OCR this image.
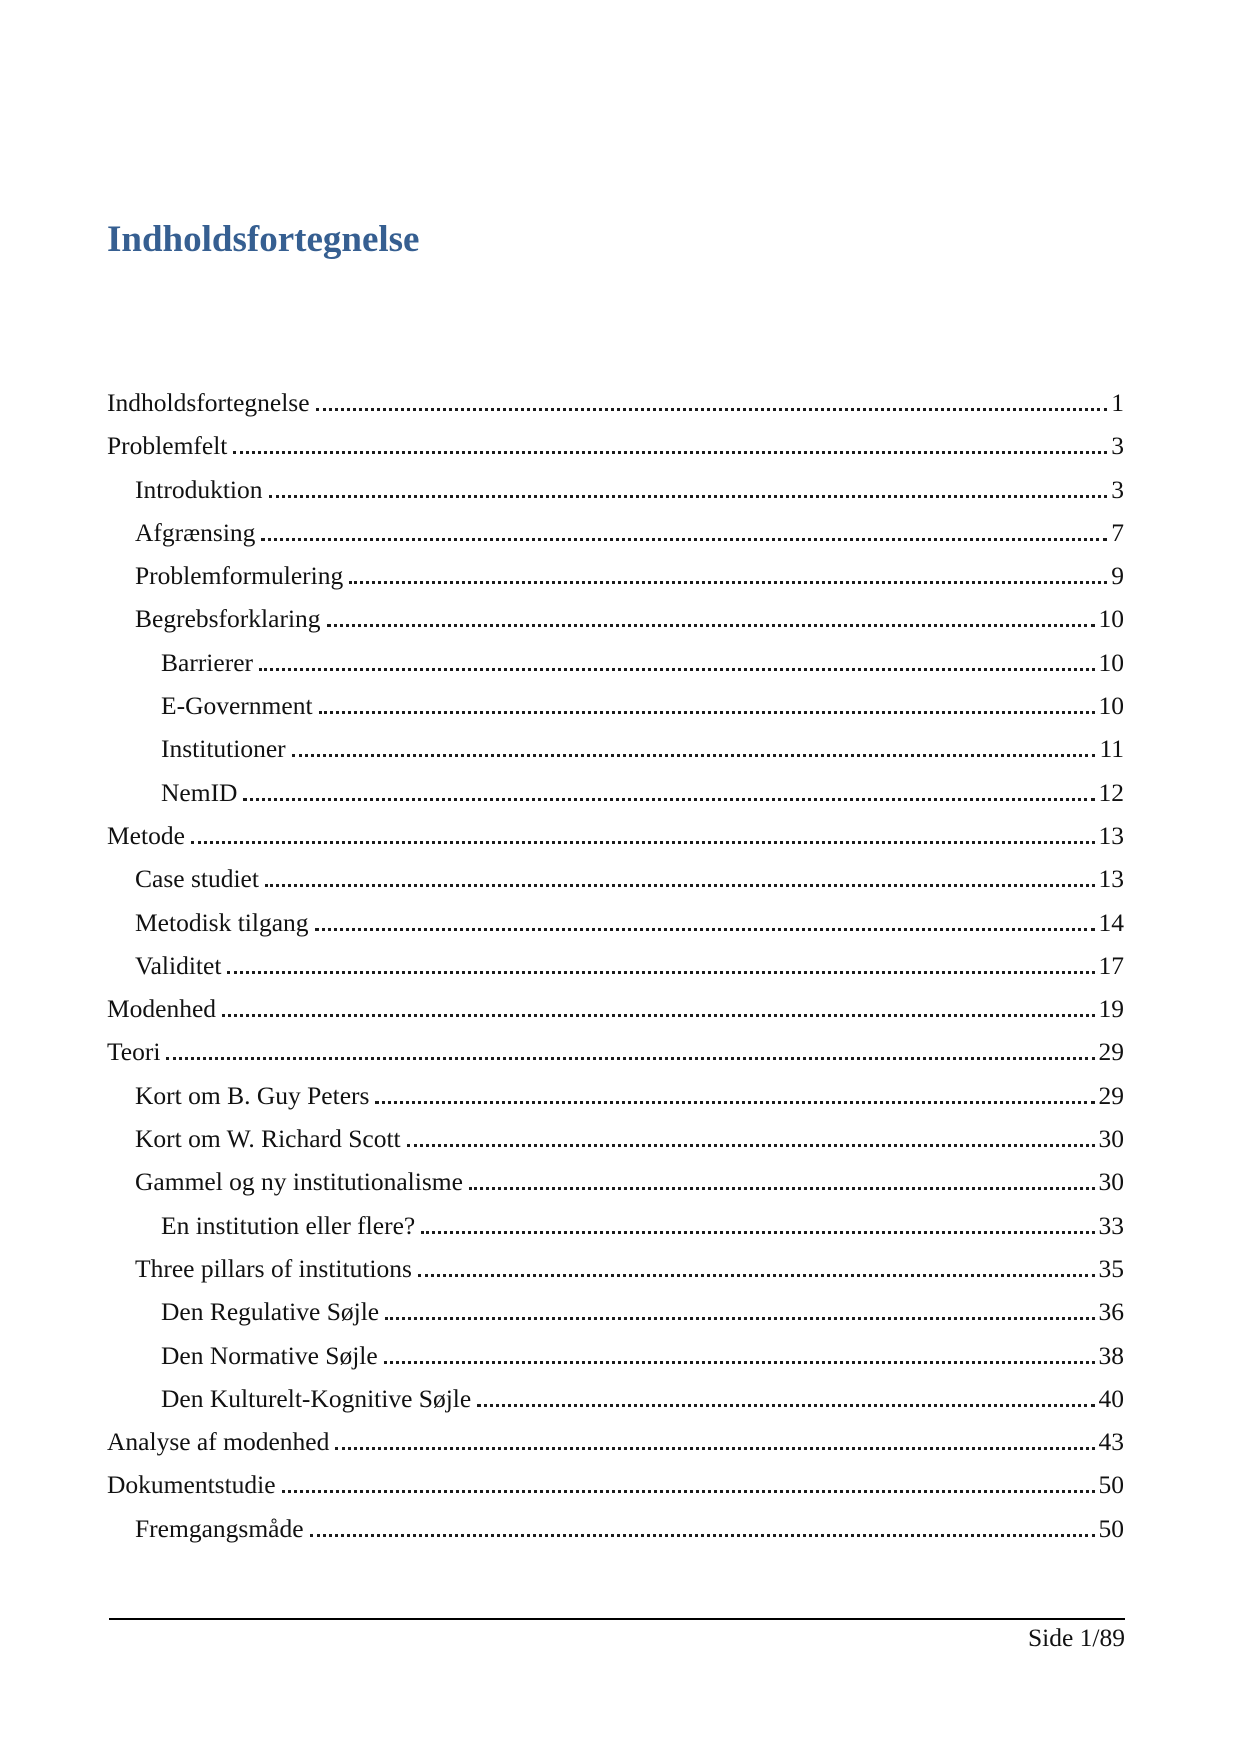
Indholdsfortegnelse
Indholdsfortegnelse	1
Problemfelt	3
Introduktion	3
Afgrænsing	7
Problemformulering	9
Begrebsforklaring	10
Barrierer	10
E-Government	10
Institutioner	11
NemID	12
Metode	13
Case studiet	13
Metodisk tilgang	14
Validitet	17
Modenhed	19
Teori	29
Kort om B. Guy Peters	29
Kort om W. Richard Scott	30
Gammel og ny institutionalisme	30
En institution eller flere?	33
Three pillars of institutions	35
Den Regulative Søjle	36
Den Normative Søjle	38
Den Kulturelt-Kognitive Søjle	40
Analyse af modenhed	43
Dokumentstudie	50
Fremgangsmåde	50
Side 1/89
